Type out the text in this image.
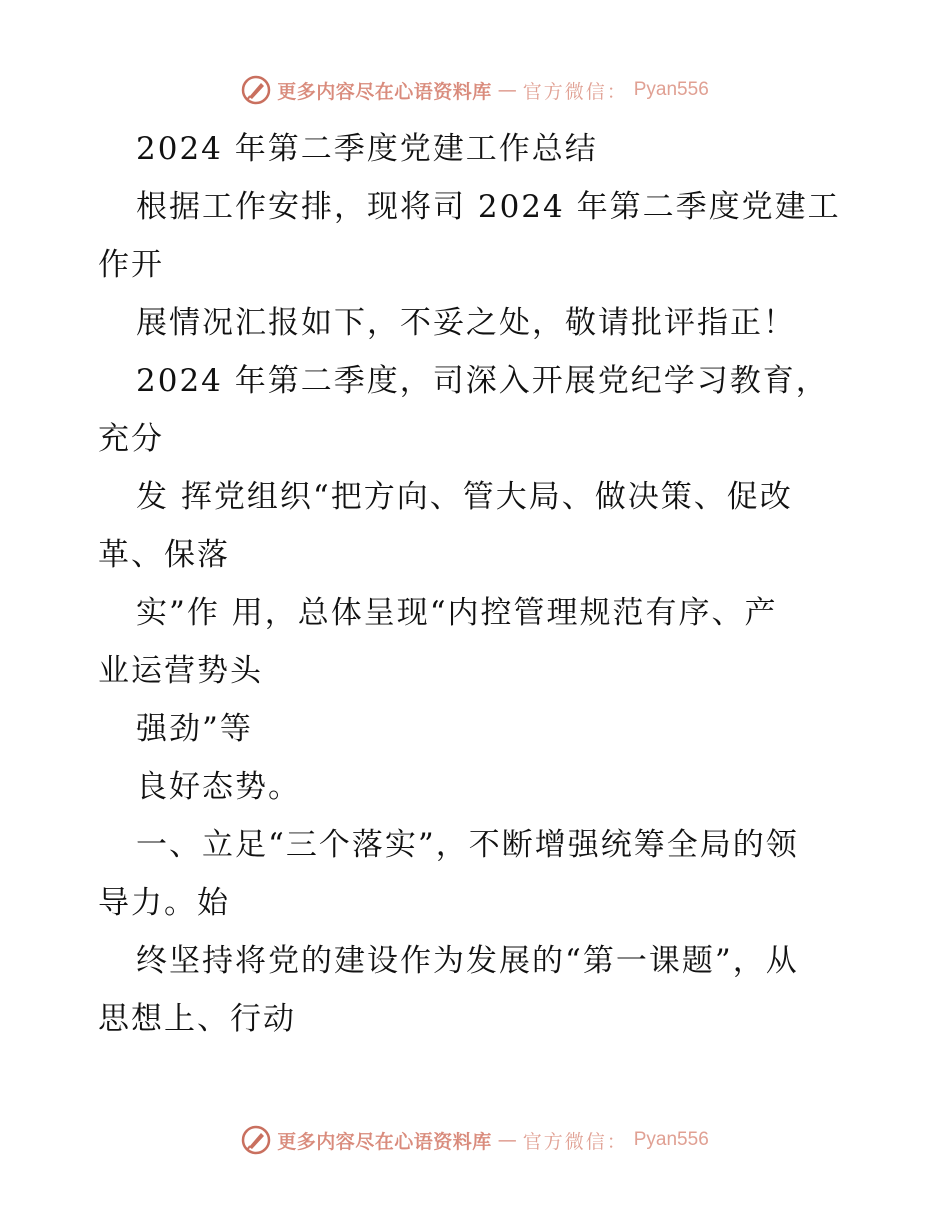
更多内容尽在心语资料库 — 官方微信： Pyan556
2024 年第二季度党建工作总结
根据工作安排，现将司 2024 年第二季度党建工
作开
展情况汇报如下，不妥之处，敬请批评指正！
2024 年第二季度，司深入开展党纪学习教育，
充分
发 挥党组织“把方向、管大局、做决策、促改
革、保落
实”作 用，总体呈现“内控管理规范有序、产
业运营势头
强劲”等
良好态势。
一、立足“三个落实”，不断增强统筹全局的领
导力。始
终坚持将党的建设作为发展的“第一课题”，从
思想上、行动
更多内容尽在心语资料库 — 官方微信： Pyan556
